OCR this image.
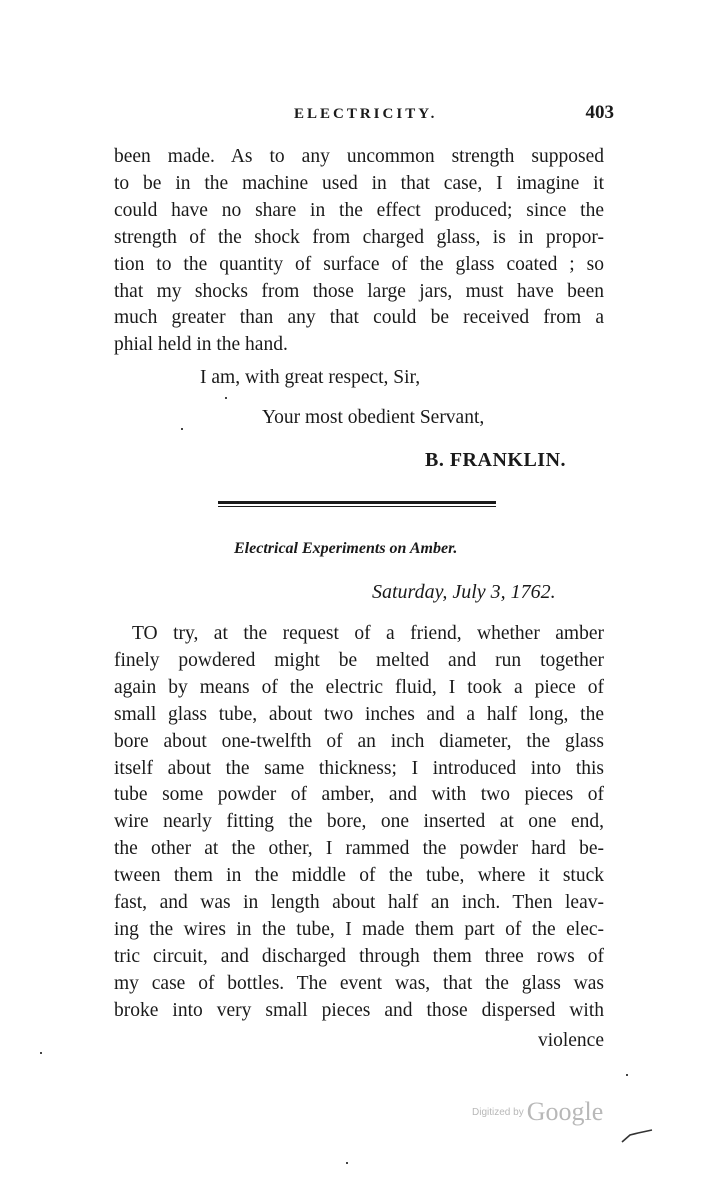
ELECTRICITY.	403
been made. As to any uncommon strength supposed
to be in the machine used in that case, I imagine it
could have no share in the effect produced; since the
strength of the shock from charged glass, is in propor-
tion to the quantity of surface of the glass coated ; so
that my shocks from those large jars, must have been
much greater than any that could be received from a
phial held in the hand.
I am, with great respect, Sir,
Your most obedient Servant,
B. FRANKLIN.
Electrical Experiments on Amber.
Saturday, July 3, 1762.
TO try, at the request of a friend, whether amber
finely powdered might be melted and run together
again by means of the electric fluid, I took a piece of
small glass tube, about two inches and a half long, the
bore about one-twelfth of an inch diameter, the glass
itself about the same thickness; I introduced into this
tube some powder of amber, and with two pieces of
wire nearly fitting the bore, one inserted at one end,
the other at the other, I rammed the powder hard be-
tween them in the middle of the tube, where it stuck
fast, and was in length about half an inch. Then leav-
ing the wires in the tube, I made them part of the elec-
tric circuit, and discharged through them three rows of
my case of bottles. The event was, that the glass was
broke into very small pieces and those dispersed with
violence
Digitized by Google
